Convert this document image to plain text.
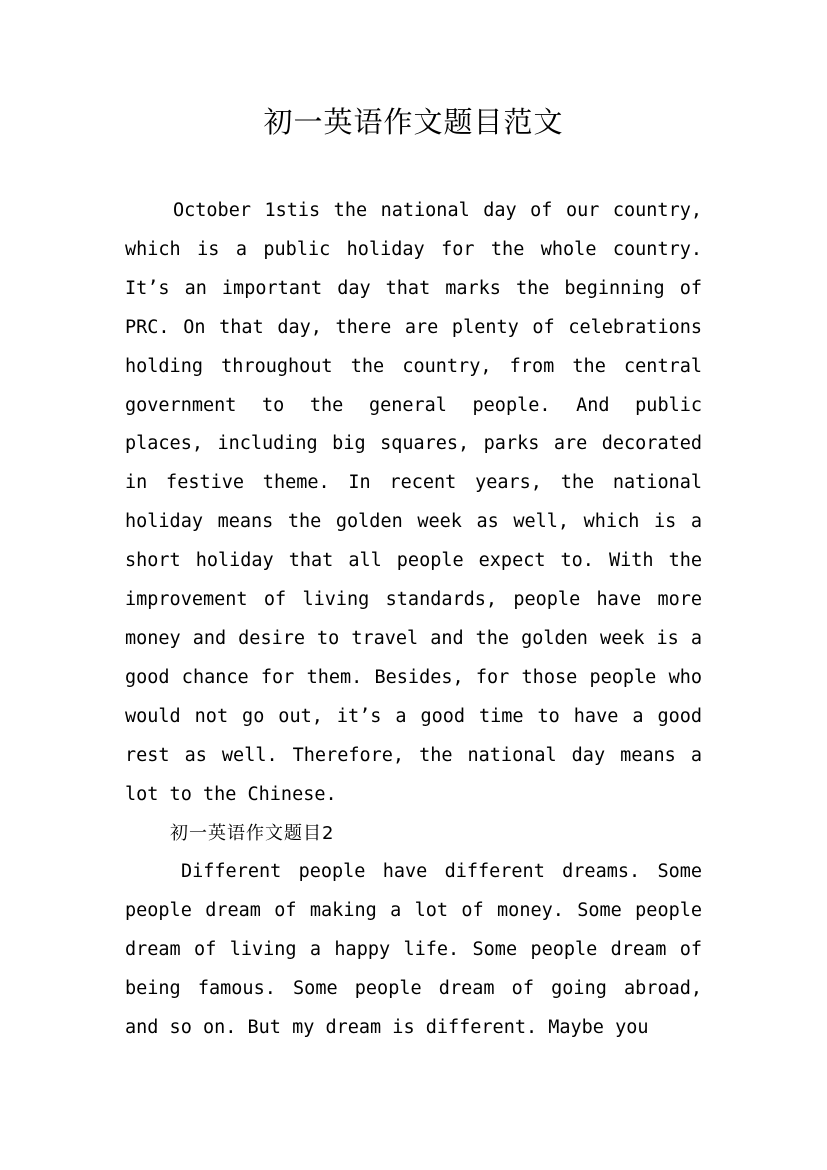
初一英语作文题目范文

October 1stis the national day of our country, which is a public holiday for the whole country. It’s an important day that marks the beginning of PRC. On that day, there are plenty of celebrations holding throughout the country, from the central government to the general people. And public places, including big squares, parks are decorated in festive theme. In recent years, the national holiday means the golden week as well, which is a short holiday that all people expect to. With the improvement of living standards, people have more money and desire to travel and the golden week is a good chance for them. Besides, for those people who would not go out, it’s a good time to have a good rest as well. Therefore, the national day means a lot to the Chinese.

初一英语作文题目2

Different people have different dreams. Some people dream of making a lot of money. Some people dream of living a happy life. Some people dream of being famous. Some people dream of going abroad, and so on. But my dream is different. Maybe you
